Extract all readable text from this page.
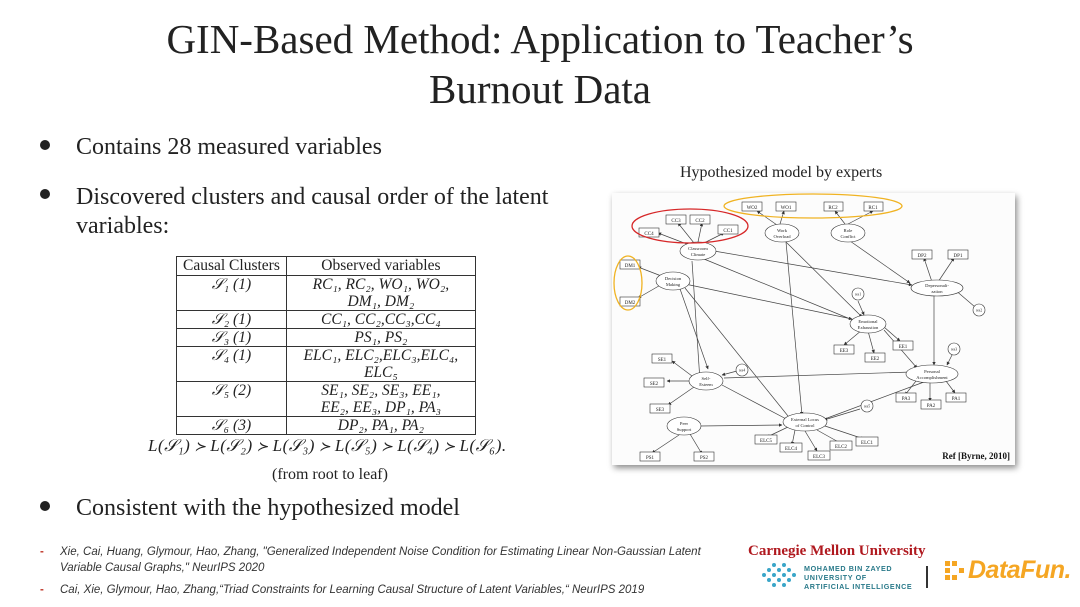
GIN-Based Method: Application to Teacher’s
Burnout Data
Contains 28 measured variables
Discovered clusters and causal order of the latent variables:
Causal Clusters	Observed variables
𝒮₁ (1)	RC₁, RC₂, WO₁, WO₂,
	DM₁, DM₂
𝒮₂ (1)	CC₁, CC₂,CC₃,CC₄
𝒮₃ (1)	PS₁, PS₂
𝒮₄ (1)	ELC₁, ELC₂,ELC₃,ELC₄,
	ELC₅
𝒮₅ (2)	SE₁, SE₂, SE₃, EE₁,
	EE₂, EE₃, DP₁, PA₃
𝒮₆ (3)	DP₂, PA₁, PA₂
L(𝒮₁) ≻ L(𝒮₂) ≻ L(𝒮₃) ≻ L(𝒮₅) ≻ L(𝒮₄) ≻ L(𝒮₆).
(from root to leaf)
Consistent with the hypothesized model
Hypothesized model by experts
WO2	WO1	RC2	RC1
CC3	CC2
CC4
CC1
DM1
DM2
DP2	DP1
EE3
EE2
EE1
SE1
SE2
SE3
PA3
PA2
PA1
ELC5
ELC4
ELC3
ELC2
ELC1
PS1	PS2
Work
Overload
Role
Conflict
Classroom
Climate
Decision
Making	Depersonali-
zation
Emotional
Exhaustion
Self-
Esteem
Personal
Accomplishment
External Locus
of Control
Peer
Support
res1
res2
res3
res4
res5
Ref [Byrne, 2010]
- Xie, Cai, Huang, Glymour, Hao, Zhang, "Generalized Independent Noise Condition for Estimating Linear Non-Gaussian Latent Variable Causal Graphs," NeurIPS 2020
- Cai, Xie, Glymour, Hao, Zhang,“Triad Constraints for Learning Causal Structure of Latent Variables,“ NeurIPS 2019
Carnegie Mellon University
MOHAMED BIN ZAYED
UNIVERSITY OF
ARTIFICIAL INTELLIGENCE
DataFun.
